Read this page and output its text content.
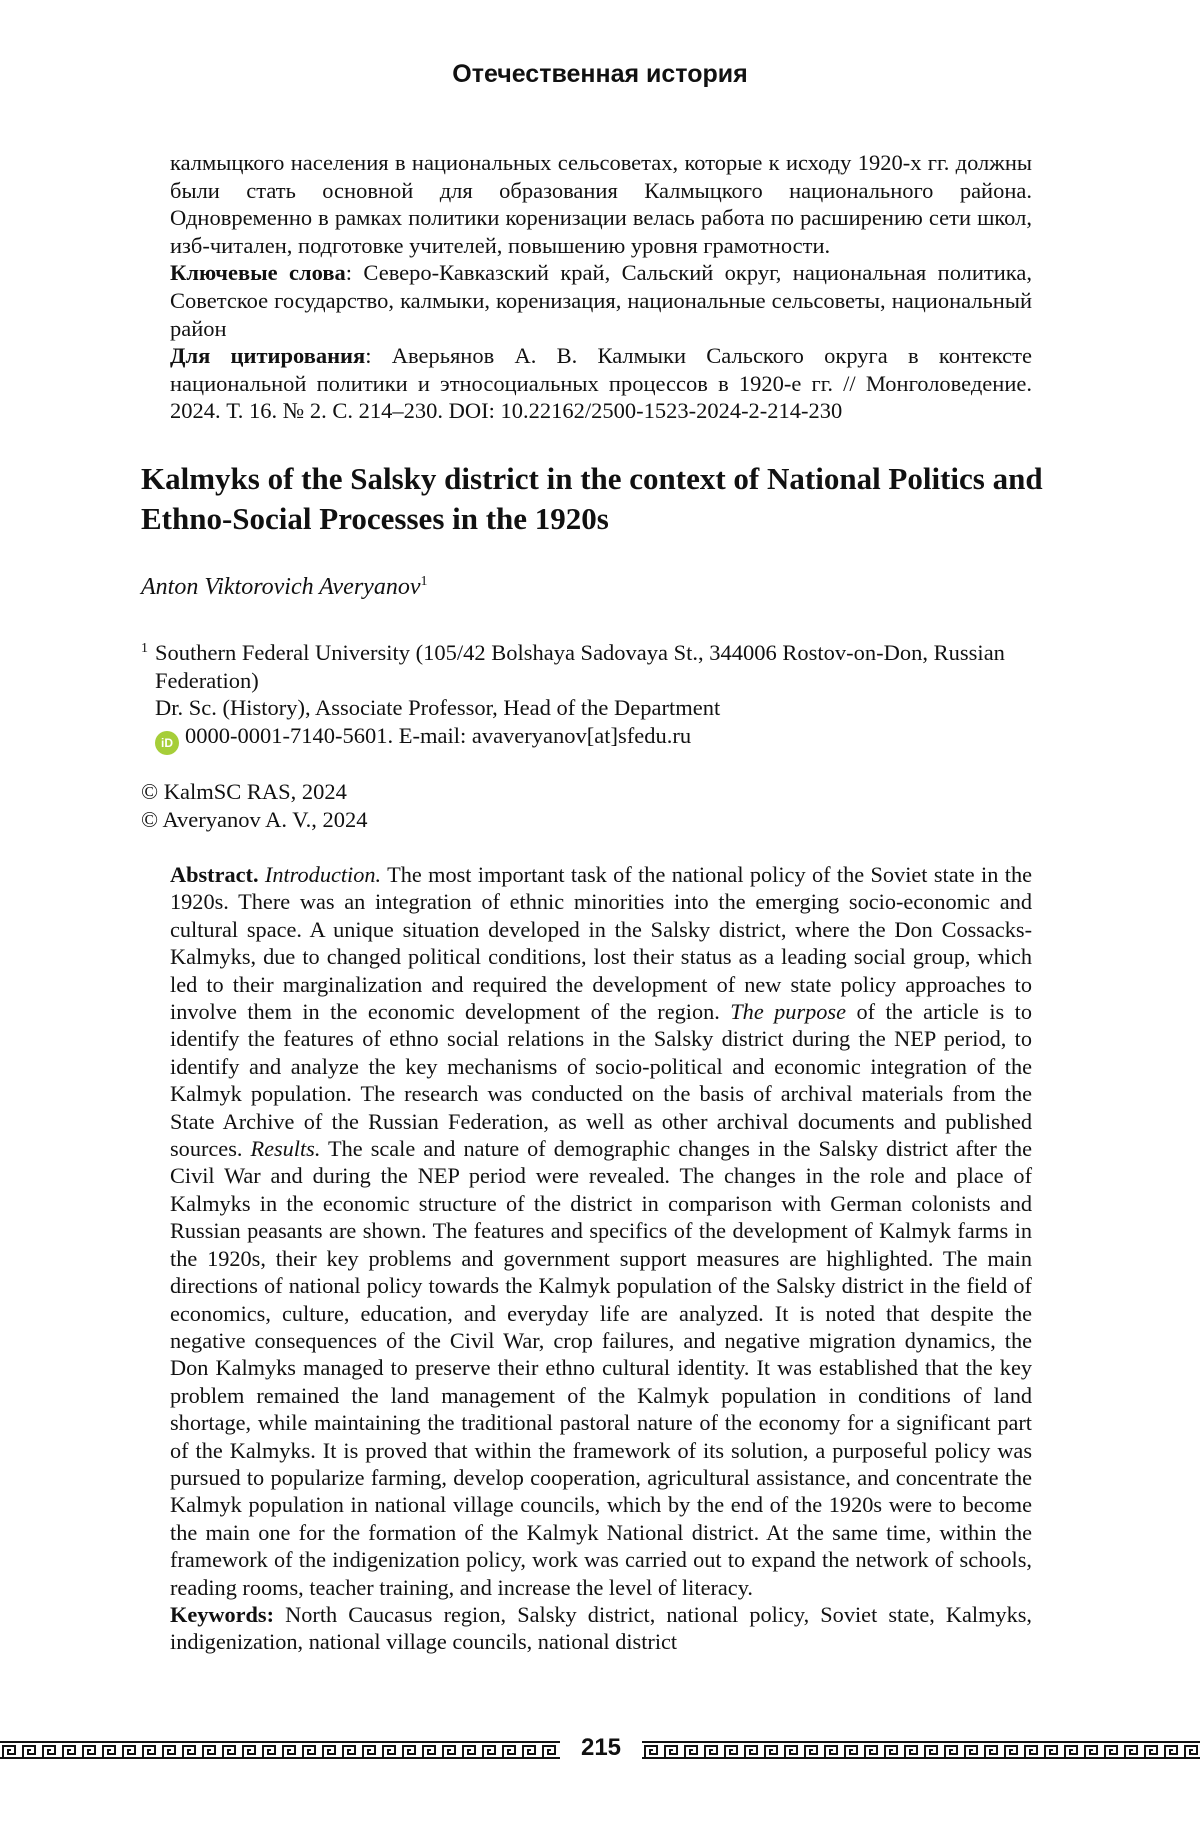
Отечественная история

калмыцкого населения в национальных сельсоветах, которые к исходу 1920-х гг. должны были стать основной для образования Калмыцкого национального района. Одновременно в рамках политики коренизации велась работа по расширению сети школ, изб-читален, подготовке учителей, повышению уровня грамотности.

Ключевые слова: Северо-Кавказский край, Сальский округ, национальная политика, Советское государство, калмыки, коренизация, национальные сельсоветы, национальный район

Для цитирования: Аверьянов А. В. Калмыки Сальского округа в контексте национальной политики и этносоциальных процессов в 1920-е гг. // Монголоведение. 2024. Т. 16. № 2. С. 214–230. DOI: 10.22162/2500-1523-2024-2-214-230

Kalmyks of the Salsky district in the context of National Politics and Ethno-Social Processes in the 1920s
Anton Viktorovich Averyanov$^1$

1 Southern Federal University (105/42 Bolshaya Sadovaya St., 344006 Rostov-on-Don, Russian Federation)

Dr. Sc. (History), Associate Professor, Head of the Department

iD 0000-0001-7140-5601. E-mail: avaveryanov[at]sfedu.ru

© KalmSC RAS, 2024

© Averyanov A. V., 2024

Abstract. Introduction. The most important task of the national policy of the Soviet state in the 1920s. There was an integration of ethnic minorities into the emerging socio-economic and cultural space. A unique situation developed in the Salsky district, where the Don Cossacks-Kalmyks, due to changed political conditions, lost their status as a leading social group, which led to their marginalization and required the development of new state policy approaches to involve them in the economic development of the region. The purpose of the article is to identify the features of ethno social relations in the Salsky district during the NEP period, to identify and analyze the key mechanisms of socio-political and economic integration of the Kalmyk population. The research was conducted on the basis of archival materials from the State Archive of the Russian Federation, as well as other archival documents and published sources. Results. The scale and nature of demographic changes in the Salsky district after the Civil War and during the NEP period were revealed. The changes in the role and place of Kalmyks in the economic structure of the district in comparison with German colonists and Russian peasants are shown. The features and specifics of the development of Kalmyk farms in the 1920s, their key problems and government support measures are highlighted. The main directions of national policy towards the Kalmyk population of the Salsky district in the field of economics, culture, education, and everyday life are analyzed. It is noted that despite the negative consequences of the Civil War, crop failures, and negative migration dynamics, the Don Kalmyks managed to preserve their ethno cultural identity. It was established that the key problem remained the land management of the Kalmyk population in conditions of land shortage, while maintaining the traditional pastoral nature of the economy for a significant part of the Kalmyks. It is proved that within the framework of its solution, a purposeful policy was pursued to popularize farming, develop cooperation, agricultural assistance, and concentrate the Kalmyk population in national village councils, which by the end of the 1920s were to become the main one for the formation of the Kalmyk National district. At the same time, within the framework of the indigenization policy, work was carried out to expand the network of schools, reading rooms, teacher training, and increase the level of literacy.

Keywords: North Caucasus region, Salsky district, national policy, Soviet state, Kalmyks, indigenization, national village councils, national district

215
